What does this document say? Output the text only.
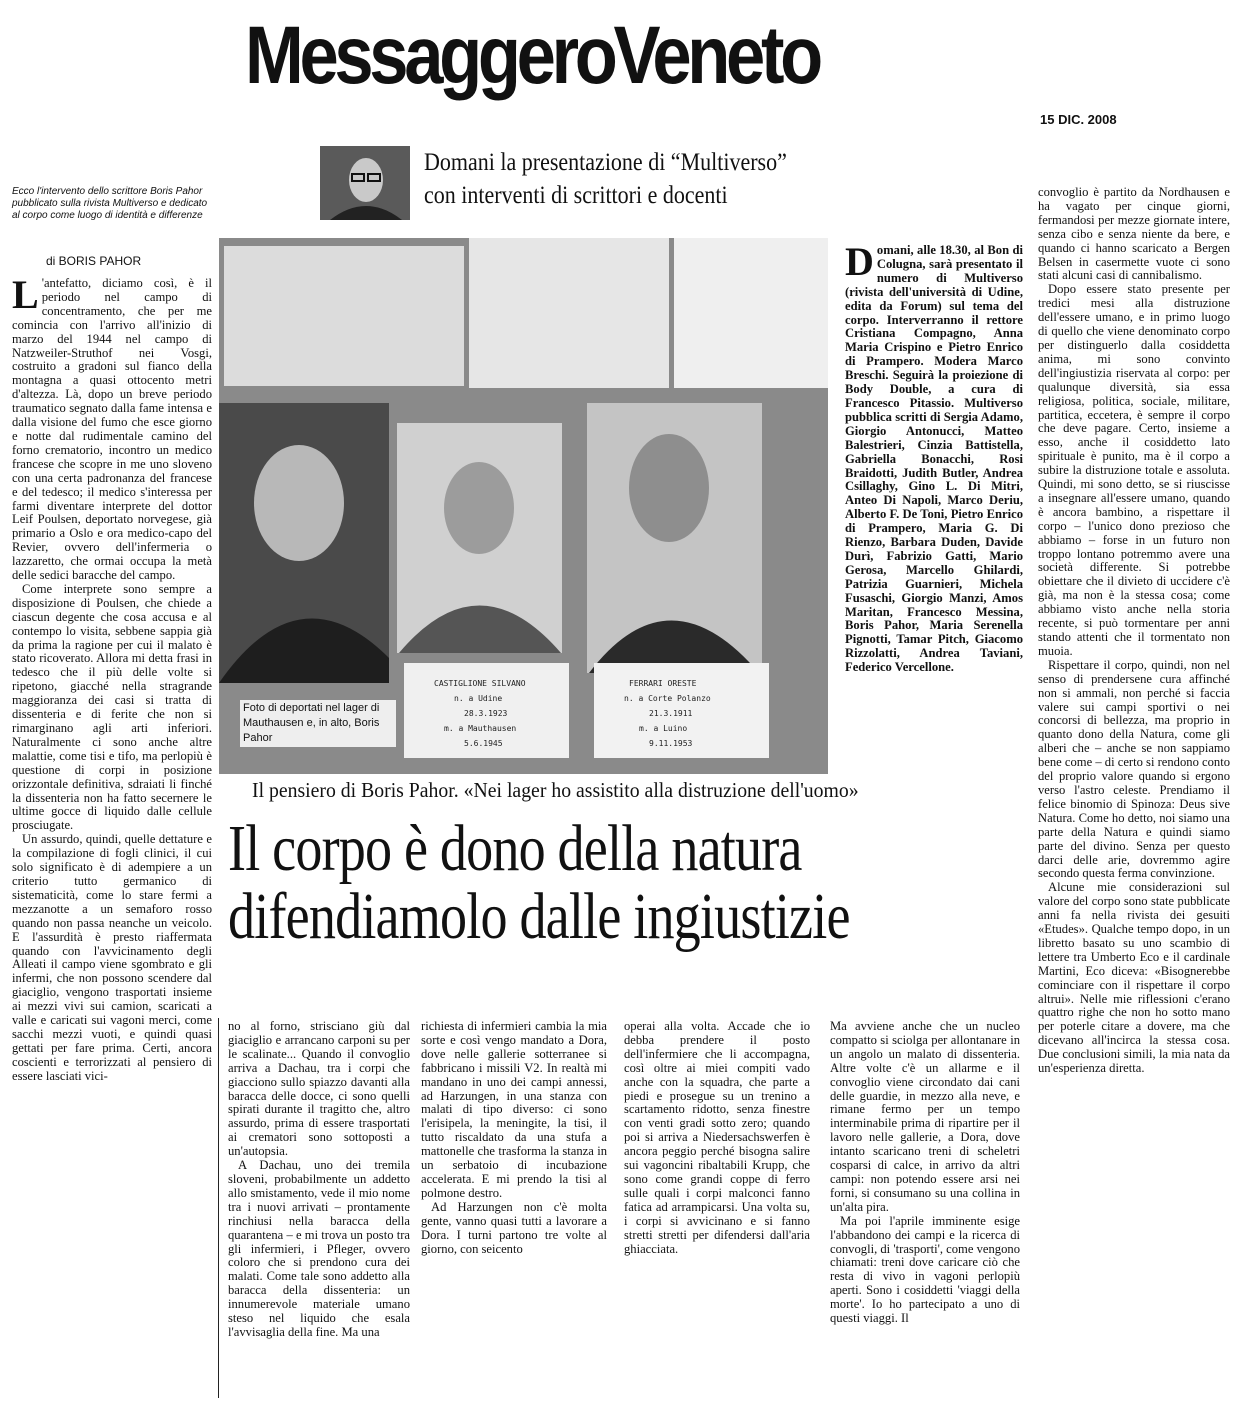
MessaggeroVeneto
15 DIC. 2008
Domani la presentazione di “Multiverso”
con interventi di scrittori e docenti
Ecco l'intervento dello scrittore Boris Pahor pubblicato sulla rivista Multiverso e dedicato al corpo come luogo di identità e differenze
di BORIS PAHOR
CASTIGLIONE SILVANO
n. a Udine
28.3.1923
m. a Mauthausen
5.6.1945
FERRARI ORESTE
n. a Corte Polanzo
21.3.1911
m. a Luino
9.11.1953
Foto di deportati nel lager di Mauthausen e, in alto, Boris Pahor
Il pensiero di Boris Pahor. «Nei lager ho assistito alla distruzione dell'uomo»
Il corpo è dono della natura
difendiamolo dalle ingiustizie

L 'antefatto, diciamo così, è il periodo nel campo di concentramento, che per me comincia con l'arrivo all'inizio di marzo del 1944 nel campo di Natzweiler-Struthof nei Vosgi, costruito a gradoni sul fianco della montagna a quasi ottocento metri d'altezza. Là, dopo un breve periodo traumatico segnato dalla fame intensa e dalla visione del fumo che esce giorno e notte dal rudimentale camino del forno crematorio, incontro un medico francese che scopre in me uno sloveno con una certa padronanza del francese e del tedesco; il medico s'interessa per farmi diventare interprete del dottor Leif Poulsen, deportato norvegese, già primario a Oslo e ora medico-capo del Revier, ovvero dell'infermeria o lazzaretto, che ormai occupa la metà delle sedici baracche del campo.

Come interprete sono sempre a disposizione di Poulsen, che chiede a ciascun degente che cosa accusa e al contempo lo visita, sebbene sappia già da prima la ragione per cui il malato è stato ricoverato. Allora mi detta frasi in tedesco che il più delle volte si ripetono, giacché nella stragrande maggioranza dei casi si tratta di dissenteria e di ferite che non si rimarginano agli arti inferiori. Naturalmente ci sono anche altre malattie, come tisi e tifo, ma perlopiù è questione di corpi in posizione orizzontale definitiva, sdraiati li finché la dissenteria non ha fatto secernere le ultime gocce di liquido dalle cellule prosciugate.

Un assurdo, quindi, quelle dettature e la compilazione di fogli clinici, il cui solo significato è di adempiere a un criterio tutto germanico di sistematicità, come lo stare fermi a mezzanotte a un semaforo rosso quando non passa neanche un veicolo. E l'assurdità è presto riaffermata quando con l'avvicinamento degli Alleati il campo viene sgombrato e gli infermi, che non possono scendere dal giaciglio, vengono trasportati insieme ai mezzi vivi sui camion, scaricati a valle e caricati sui vagoni merci, come sacchi mezzi vuoti, e quindi quasi gettati per fare prima. Certi, ancora coscienti e terrorizzati al pensiero di essere lasciati vici-

no al forno, strisciano giù dal giaciglio e arrancano carponi su per le scalinate... Quando il convoglio arriva a Dachau, tra i corpi che giacciono sullo spiazzo davanti alla baracca delle docce, ci sono quelli spirati durante il tragitto che, altro assurdo, prima di essere trasportati ai crematori sono sottoposti a un'autopsia.

A Dachau, uno dei tremila sloveni, probabilmente un addetto allo smistamento, vede il mio nome tra i nuovi arrivati – prontamente rinchiusi nella baracca della quarantena – e mi trova un posto tra gli infermieri, i Pfleger, ovvero coloro che si prendono cura dei malati. Come tale sono addetto alla baracca della dissenteria: un innumerevole materiale umano steso nel liquido che esala l'avvisaglia della fine. Ma una

richiesta di infermieri cambia la mia sorte e così vengo mandato a Dora, dove nelle gallerie sotterranee si fabbricano i missili V2. In realtà mi mandano in uno dei campi annessi, ad Harzungen, in una stanza con malati di tipo diverso: ci sono l'erisipela, la meningite, la tisi, il tutto riscaldato da una stufa a mattonelle che trasforma la stanza in un serbatoio di incubazione accelerata. E mi prendo la tisi al polmone destro.

Ad Harzungen non c'è molta gente, vanno quasi tutti a lavorare a Dora. I turni partono tre volte al giorno, con seicento

operai alla volta. Accade che io debba prendere il posto dell'infermiere che li accompagna, così oltre ai miei compiti vado anche con la squadra, che parte a piedi e prosegue su un trenino a scartamento ridotto, senza finestre con venti gradi sotto zero; quando poi si arriva a Niedersachswerfen è ancora peggio perché bisogna salire sui vagoncini ribaltabili Krupp, che sono come grandi coppe di ferro sulle quali i corpi malconci fanno fatica ad arrampicarsi. Una volta su, i corpi si avvicinano e si fanno stretti stretti per difendersi dall'aria ghiacciata.

Ma avviene anche che un nucleo compatto si sciolga per allontanare in un angolo un malato di dissenteria. Altre volte c'è un allarme e il convoglio viene circondato dai cani delle guardie, in mezzo alla neve, e rimane fermo per un tempo interminabile prima di ripartire per il lavoro nelle gallerie, a Dora, dove intanto scaricano treni di scheletri cosparsi di calce, in arrivo da altri campi: non potendo essere arsi nei forni, si consumano su una collina in un'alta pira.

Ma poi l'aprile imminente esige l'abbandono dei campi e la ricerca di convogli, di 'trasporti', come vengono chiamati: treni dove caricare ciò che resta di vivo in vagoni perlopiù aperti. Sono i cosiddetti 'viaggi della morte'. Io ho partecipato a uno di questi viaggi. Il

convoglio è partito da Nordhausen e ha vagato per cinque giorni, fermandosi per mezze giornate intere, senza cibo e senza niente da bere, e quando ci hanno scaricato a Bergen Belsen in casermette vuote ci sono stati alcuni casi di cannibalismo.

Dopo essere stato presente per tredici mesi alla distruzione dell'essere umano, e in primo luogo di quello che viene denominato corpo per distinguerlo dalla cosiddetta anima, mi sono convinto dell'ingiustizia riservata al corpo: per qualunque diversità, sia essa religiosa, politica, sociale, militare, partitica, eccetera, è sempre il corpo che deve pagare. Certo, insieme a esso, anche il cosiddetto lato spirituale è punito, ma è il corpo a subire la distruzione totale e assoluta. Quindi, mi sono detto, se si riuscisse a insegnare all'essere umano, quando è ancora bambino, a rispettare il corpo – l'unico dono prezioso che abbiamo – forse in un futuro non troppo lontano potremmo avere una società differente. Si potrebbe obiettare che il divieto di uccidere c'è già, ma non è la stessa cosa; come abbiamo visto anche nella storia recente, si può tormentare per anni stando attenti che il tormentato non muoia.

Rispettare il corpo, quindi, non nel senso di prendersene cura affinché non si ammali, non perché si faccia valere sui campi sportivi o nei concorsi di bellezza, ma proprio in quanto dono della Natura, come gli alberi che – anche se non sappiamo bene come – di certo si rendono conto del proprio valore quando si ergono verso l'astro celeste. Prendiamo il felice binomio di Spinoza: Deus sive Natura. Come ho detto, noi siamo una parte della Natura e quindi siamo parte del divino. Senza per questo darci delle arie, dovremmo agire secondo questa ferma convinzione.

Alcune mie considerazioni sul valore del corpo sono state pubblicate anni fa nella rivista dei gesuiti «Etudes». Qualche tempo dopo, in un libretto basato su uno scambio di lettere tra Umberto Eco e il cardinale Martini, Eco diceva: «Bisognerebbe cominciare con il rispettare il corpo altrui». Nelle mie riflessioni c'erano quattro righe che non ho sotto mano per poterle citare a dovere, ma che dicevano all'incirca la stessa cosa. Due conclusioni simili, la mia nata da un'esperienza diretta.

Domani, alle 18.30, al Bon di Colugna, sarà presentato il numero di Multiverso (rivista dell'università di Udine, edita da Forum) sul tema del corpo. Interverranno il rettore Cristiana Compagno, Anna Maria Crispino e Pietro Enrico di Prampero. Modera Marco Breschi. Seguirà la proiezione di Body Double, a cura di Francesco Pitassio. Multiverso pubblica scritti di Sergia Adamo, Giorgio Antonucci, Matteo Balestrieri, Cinzia Battistella, Gabriella Bonacchi, Rosi Braidotti, Judith Butler, Andrea Csillaghy, Gino L. Di Mitri, Anteo Di Napoli, Marco Deriu, Alberto F. De Toni, Pietro Enrico di Prampero, Maria G. Di Rienzo, Barbara Duden, Davide Durì, Fabrizio Gatti, Mario Gerosa, Marcello Ghilardi, Patrizia Guarnieri, Michela Fusaschi, Giorgio Manzi, Amos Maritan, Francesco Messina, Boris Pahor, Maria Serenella Pignotti, Tamar Pitch, Giacomo Rizzolatti, Andrea Taviani, Federico Vercellone.
